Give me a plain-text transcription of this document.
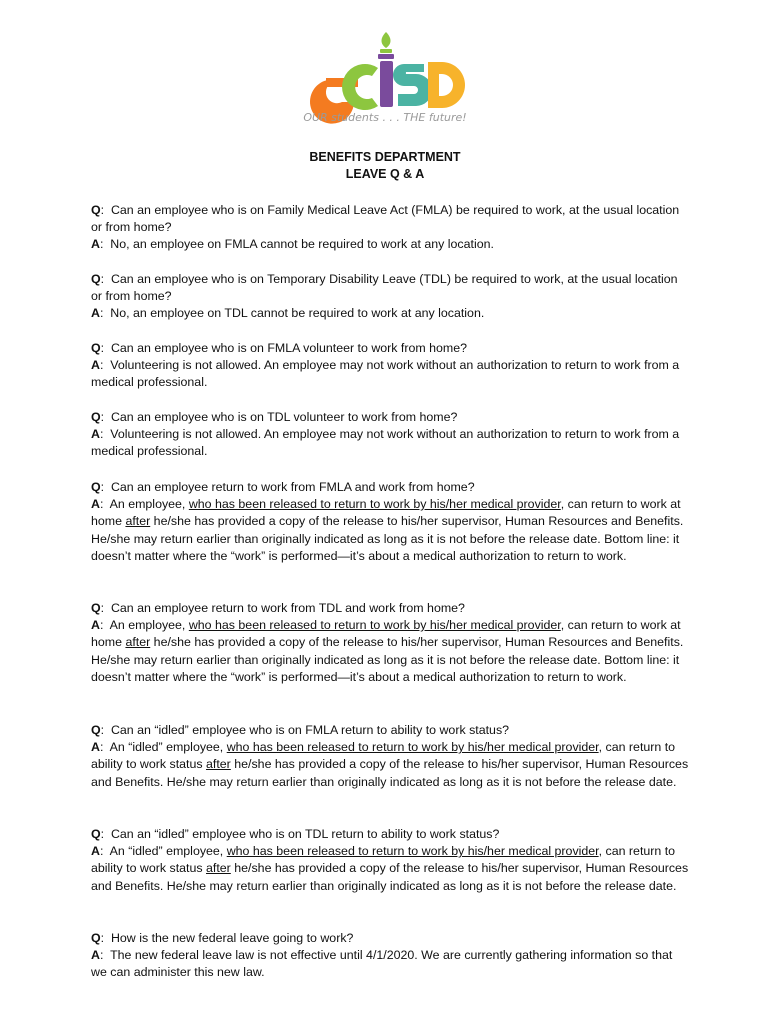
OUR students . . . THE future!
BENEFITS DEPARTMENT
LEAVE Q & A

Q:  Can an employee who is on Family Medical Leave Act (FMLA) be required to work, at the usual location or from home?

A:  No, an employee on FMLA cannot be required to work at any location.

Q:  Can an employee who is on Temporary Disability Leave (TDL) be required to work, at the usual location or from home?

A:  No, an employee on TDL cannot be required to work at any location.

Q:  Can an employee who is on FMLA volunteer to work from home?

A:  Volunteering is not allowed. An employee may not work without an authorization to return to work from a medical professional.

Q:  Can an employee who is on TDL volunteer to work from home?

A:  Volunteering is not allowed. An employee may not work without an authorization to return to work from a medical professional.

Q:  Can an employee return to work from FMLA and work from home?

A:  An employee, who has been released to return to work by his/her medical provider, can return to work at home after he/she has provided a copy of the release to his/her supervisor, Human Resources and Benefits. He/she may return earlier than originally indicated as long as it is not before the release date. Bottom line: it doesn’t matter where the “work” is performed—it’s about a medical authorization to return to work.

Q:  Can an employee return to work from TDL and work from home?

A:  An employee, who has been released to return to work by his/her medical provider, can return to work at home after he/she has provided a copy of the release to his/her supervisor, Human Resources and Benefits. He/she may return earlier than originally indicated as long as it is not before the release date. Bottom line: it doesn’t matter where the “work” is performed—it’s about a medical authorization to return to work.

Q:  Can an “idled” employee who is on FMLA return to ability to work status?

A:  An “idled” employee, who has been released to return to work by his/her medical provider, can return to ability to work status after he/she has provided a copy of the release to his/her supervisor, Human Resources and Benefits. He/she may return earlier than originally indicated as long as it is not before the release date.

Q:  Can an “idled” employee who is on TDL return to ability to work status?

A:  An “idled” employee, who has been released to return to work by his/her medical provider, can return to ability to work status after he/she has provided a copy of the release to his/her supervisor, Human Resources and Benefits. He/she may return earlier than originally indicated as long as it is not before the release date.

Q:  How is the new federal leave going to work?

A:  The new federal leave law is not effective until 4/1/2020. We are currently gathering information so that we can administer this new law.
